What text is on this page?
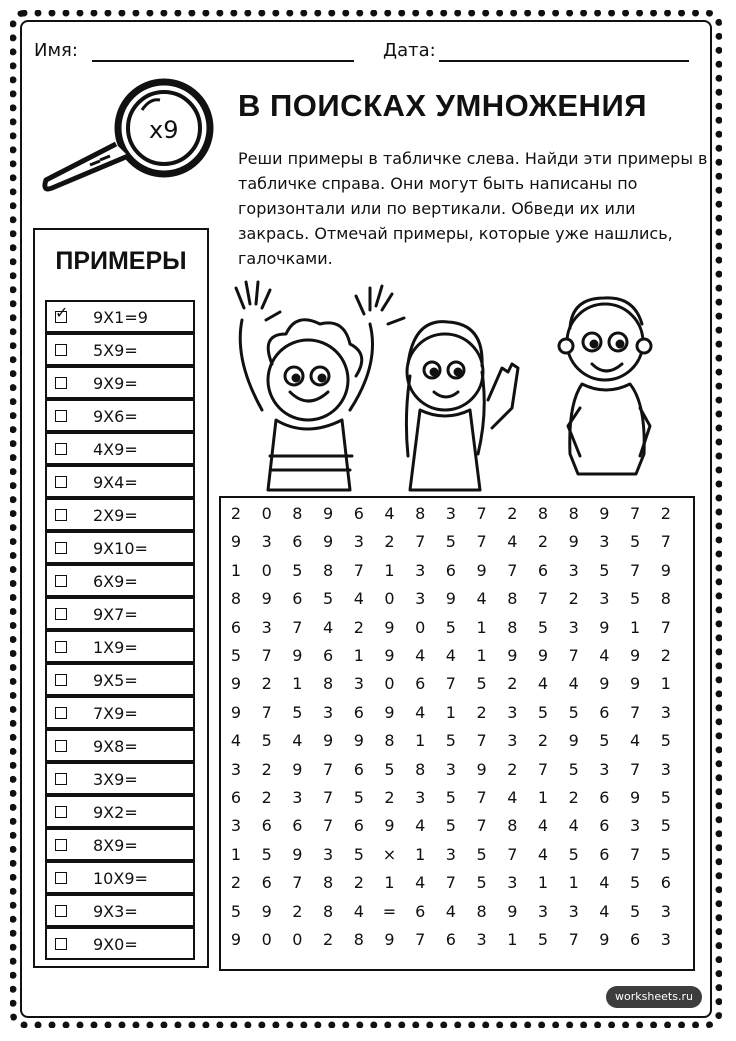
Имя:	Дата:
x9
В ПОИСКАХ УМНОЖЕНИЯ
Реши примеры в табличке слева. Найди эти примеры в табличке справа. Они могут быть написаны по горизонтали или по вертикали. Обведи их или закрась. Отмечай примеры, которые уже нашлись, галочками.
ПРИМЕРЫ
✓ 9X1=9
5X9=
9X9=
9X6=
4X9=
9X4=
2X9=
9X10=
6X9=
9X7=
1X9=
9X5=
7X9=
9X8=
3X9=
9X2=
8X9=
10X9=
9X3=
9X0=
2	0	8	9	6	4	8	3	7	2	8	8	9	7	2
9	3	6	9	3	2	7	5	7	4	2	9	3	5	7
1	0	5	8	7	1	3	6	9	7	6	3	5	7	9
8	9	6	5	4	0	3	9	4	8	7	2	3	5	8
6	3	7	4	2	9	0	5	1	8	5	3	9	1	7
5	7	9	6	1	9	4	4	1	9	9	7	4	9	2
9	2	1	8	3	0	6	7	5	2	4	4	9	9	1
9	7	5	3	6	9	4	1	2	3	5	5	6	7	3
4	5	4	9	9	8	1	5	7	3	2	9	5	4	5
3	2	9	7	6	5	8	3	9	2	7	5	3	7	3
6	2	3	7	5	2	3	5	7	4	1	2	6	9	5
3	6	6	7	6	9	4	5	7	8	4	4	6	3	5
1	5	9	3	5	×	1	3	5	7	4	5	6	7	5
2	6	7	8	2	1	4	7	5	3	1	1	4	5	6
5	9	2	8	4	=	6	4	8	9	3	3	4	5	3
9	0	0	2	8	9	7	6	3	1	5	7	9	6	3
worksheets.ru
